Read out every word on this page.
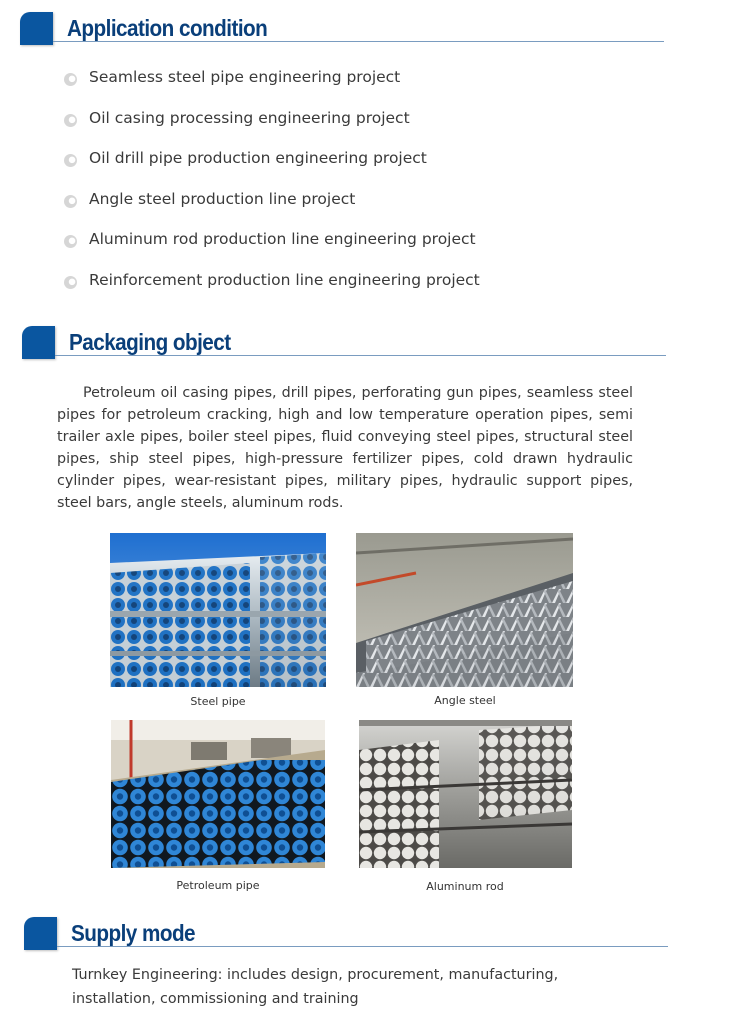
Application condition
Seamless steel pipe engineering project
Oil casing processing engineering project
Oil drill pipe production engineering project
Angle steel production line project
Aluminum rod production line engineering project
Reinforcement production line engineering project
Packaging object

Petroleum oil casing pipes, drill pipes, perforating gun pipes, seamless steel pipes for petroleum cracking, high and low temperature operation pipes, semi trailer axle pipes, boiler steel pipes, fluid conveying steel pipes, structural steel pipes, ship steel pipes, high-pressure fertilizer pipes, cold drawn hydraulic cylinder pipes, wear-resistant pipes, military pipes, hydraulic support pipes, steel bars, angle steels, aluminum rods.

Steel pipe	Angle steel
Petroleum pipe	Aluminum rod
Supply mode

Turnkey Engineering: includes design, procurement, manufacturing, installation, commissioning and training
